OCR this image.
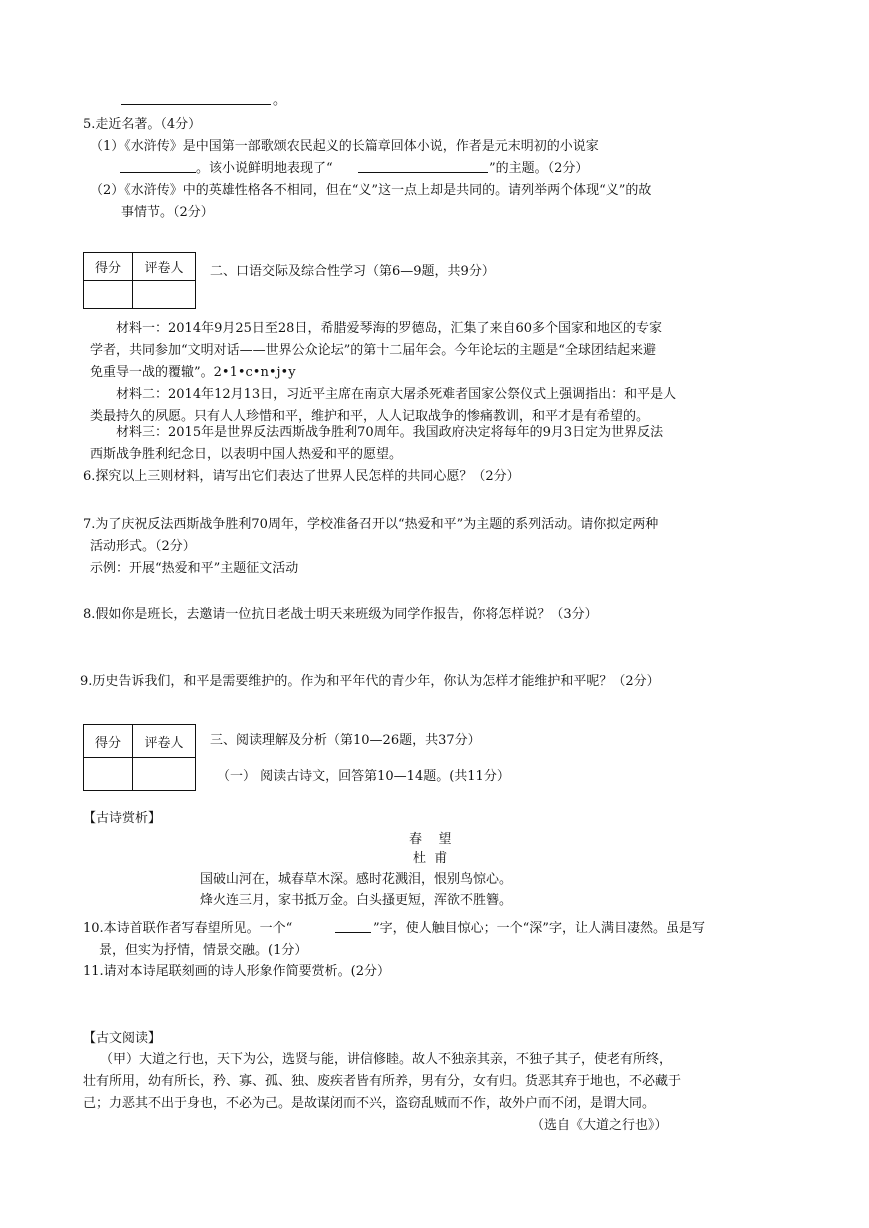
。
5.走近名著。（4分）
（1）《水浒传》是中国第一部歌颂农民起义的长篇章回体小说，作者是元末明初的小说家
。该小说鲜明地表现了“	”的主题。（2分）
（2）《水浒传》中的英雄性格各不相同，但在“义”这一点上却是共同的。请列举两个体现“义”的故
事情节。（2分）
得分	评卷人
	二、口语交际及综合性学习（第6—9题，共9分）
材料一：2014年9月25日至28日，希腊爱琴海的罗德岛，汇集了来自60多个国家和地区的专家
学者，共同参加“文明对话——世界公众论坛”的第十二届年会。今年论坛的主题是“全球团结起来避
免重导一战的覆辙”。2•1•c•n•j•y
材料二：2014年12月13日，习近平主席在南京大屠杀死难者国家公祭仪式上强调指出：和平是人
类最持久的夙愿。只有人人珍惜和平，维护和平，人人记取战争的惨痛教训，和平才是有希望的。
材料三：2015年是世界反法西斯战争胜利70周年。我国政府决定将每年的9月3日定为世界反法
西斯战争胜利纪念日，以表明中国人热爱和平的愿望。
6.探究以上三则材料，请写出它们表达了世界人民怎样的共同心愿？（2分）
7.为了庆祝反法西斯战争胜利70周年，学校准备召开以“热爱和平”为主题的系列活动。请你拟定两种
活动形式。（2分）
示例：开展“热爱和平”主题征文活动
8.假如你是班长，去邀请一位抗日老战士明天来班级为同学作报告，你将怎样说？（3分）
9.历史告诉我们，和平是需要维护的。作为和平年代的青少年，你认为怎样才能维护和平呢？（2分）
得分	评卷人
	三、阅读理解及分析（第10—26题，共37分）
（一） 阅读古诗文，回答第10—14题。(共11分）
【古诗赏析】
春    望
杜  甫
国破山河在，城春草木深。感时花溅泪，恨别鸟惊心。
烽火连三月，家书抵万金。白头搔更短，浑欲不胜簪。
10.本诗首联作者写春望所见。一个“	”字，使人触目惊心；一个“深”字，让人满目凄然。虽是写
景，但实为抒情，情景交融。(1分）
11.请对本诗尾联刻画的诗人形象作简要赏析。(2分）
【古文阅读】
（甲）大道之行也，天下为公，选贤与能，讲信修睦。故人不独亲其亲，不独子其子，使老有所终，
壮有所用，幼有所长，矜、寡、孤、独、废疾者皆有所养，男有分，女有归。货恶其弃于地也，不必藏于
己；力恶其不出于身也，不必为己。是故谋闭而不兴，盗窃乱贼而不作，故外户而不闭，是谓大同。
（选自《大道之行也》）
